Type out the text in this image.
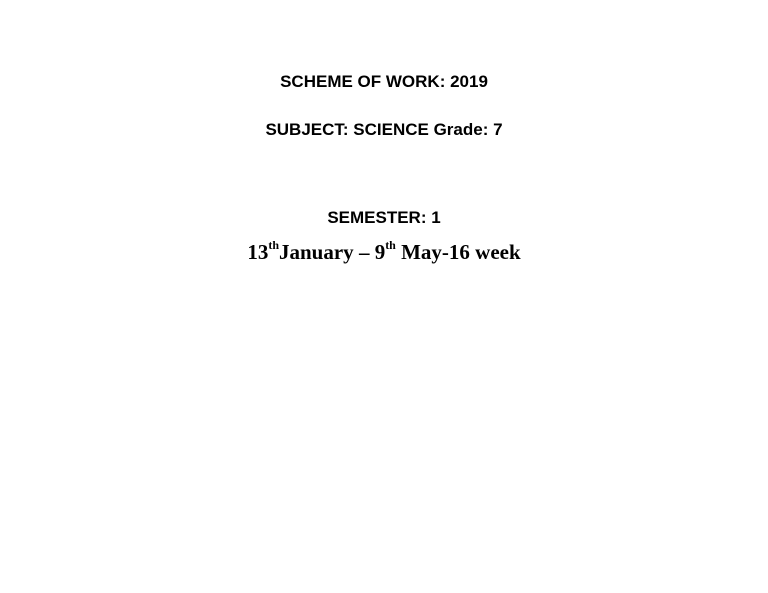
SCHEME OF WORK: 2019

SUBJECT: SCIENCE Grade: 7

SEMESTER: 1

13thJanuary – 9th May-16 week
